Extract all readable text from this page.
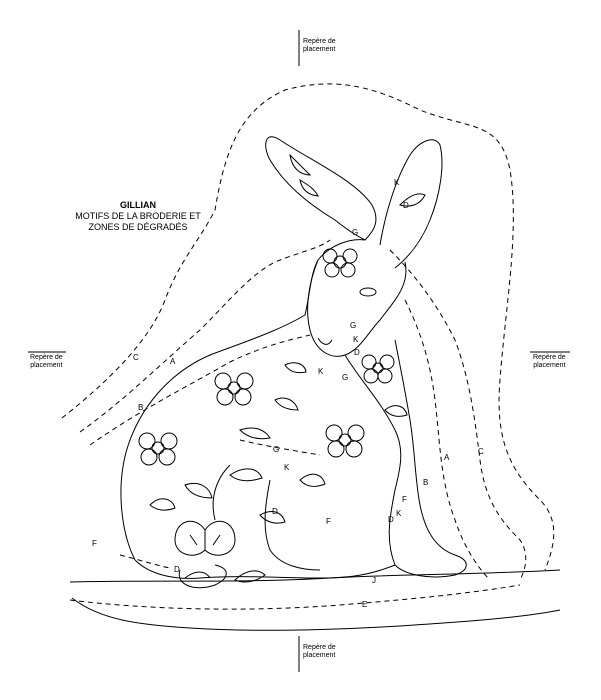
GILLIAN
MOTIFS DE LA BRODERIE ET
ZONES DE DÉGRADÉS
Repère de
placement
Repère de
placement
Repère de
placement
Repère de
placement
C	A
B
F
D
G
K
D
G
K
D
K
G
G
K
D
F
A
C
B
F
K
D
J
E
